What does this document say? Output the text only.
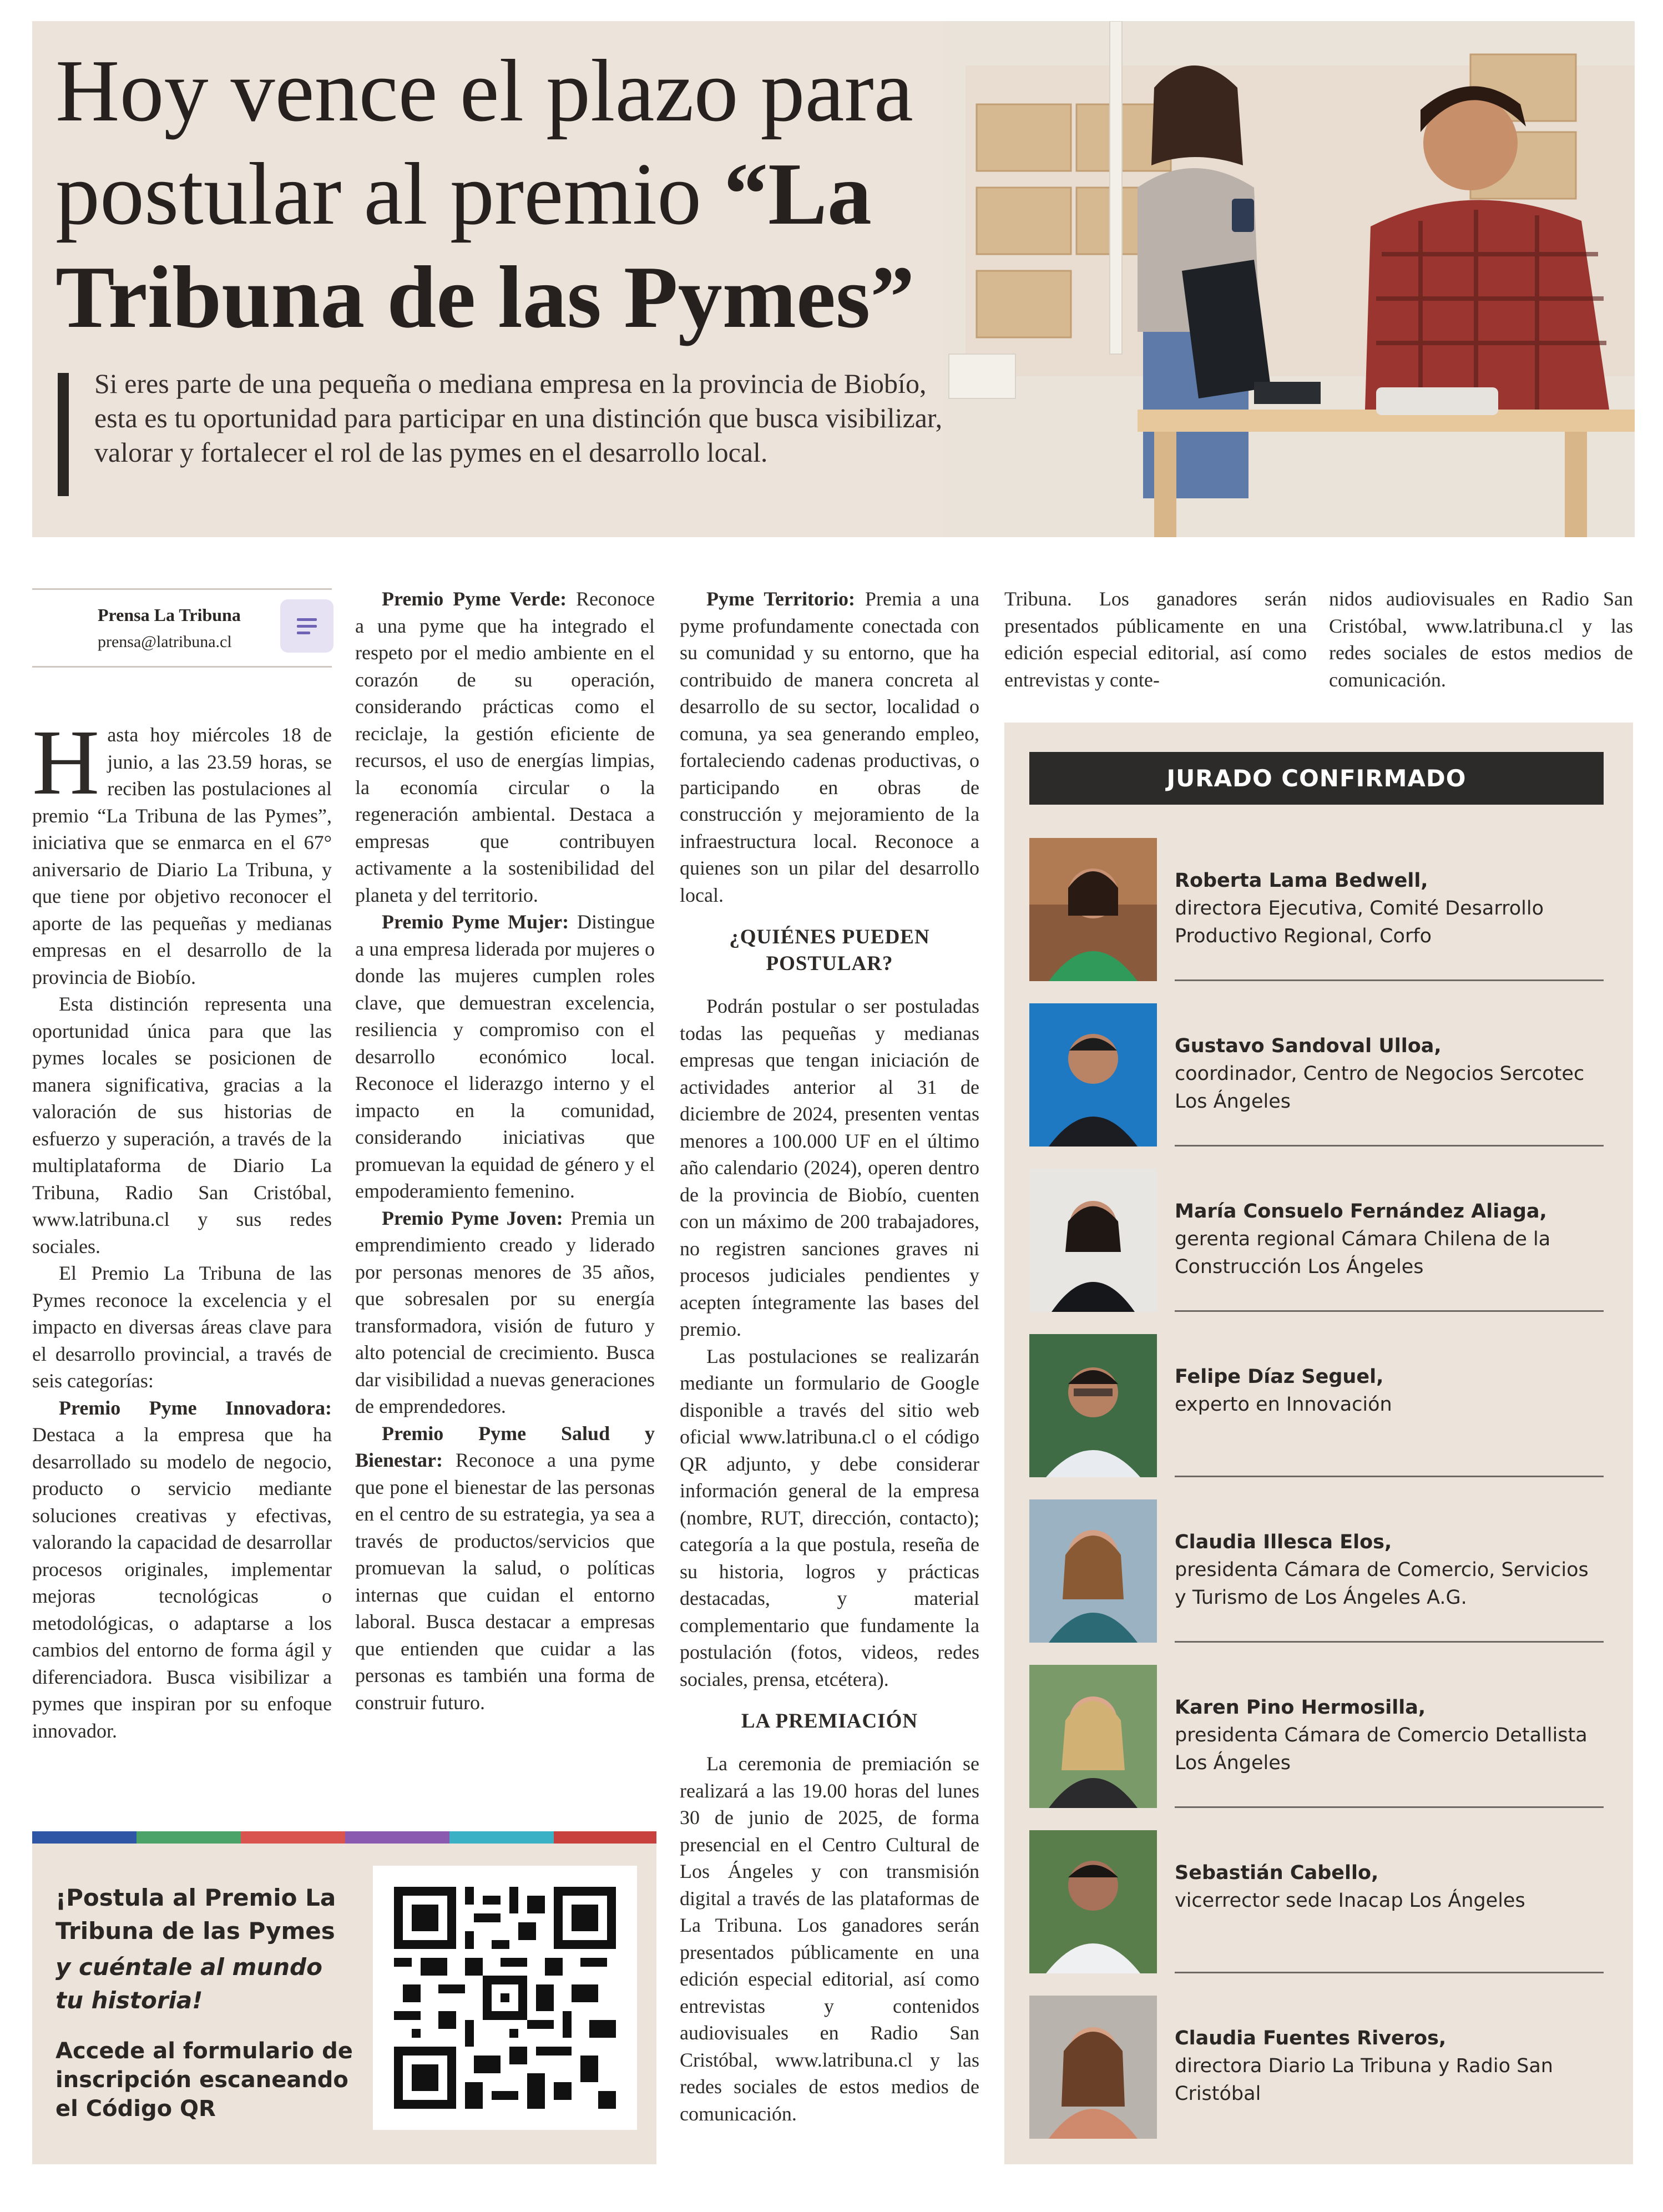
Hoy vence el plazo para
postular al premio “La
Tribuna de las Pymes”
Si eres parte de una pequeña o mediana empresa en la provincia de Biobío, esta es tu oportunidad para participar en una distinción que busca visibilizar, valorar y fortalecer el rol de las pymes en el desarrollo local.
Prensa La Tribuna
prensa@latribuna.cl

Hasta hoy miércoles 18 de junio, a las 23.59 horas, se reciben las postulaciones al premio “La Tribuna de las Pymes”, iniciativa que se enmarca en el 67° aniversario de Diario La Tribuna, y que tiene por objetivo reconocer el aporte de las pequeñas y medianas empresas en el desarrollo de la provincia de Biobío.

Esta distinción representa una oportunidad única para que las pymes locales se posicionen de manera significativa, gracias a la valoración de sus historias de esfuerzo y superación, a través de la multiplataforma de Diario La Tribuna, Radio San Cristóbal, www.latribuna.cl y sus redes sociales.

El Premio La Tribuna de las Pymes reconoce la excelencia y el impacto en diversas áreas clave para el desarrollo provincial, a través de seis categorías:

Premio Pyme Innovadora: Destaca a la empresa que ha desarrollado su modelo de negocio, producto o servicio mediante soluciones creativas y efectivas, valorando la capacidad de desarrollar procesos originales, implementar mejoras tecnológicas o metodológicas, o adaptarse a los cambios del entorno de forma ágil y diferenciadora. Busca visibilizar a pymes que inspiran por su enfoque innovador.

Premio Pyme Verde: Reconoce a una pyme que ha integrado el respeto por el medio ambiente en el corazón de su operación, considerando prácticas como el reciclaje, la gestión eficiente de recursos, el uso de energías limpias, la economía circular o la regeneración ambiental. Destaca a empresas que contribuyen activamente a la sostenibilidad del planeta y del territorio.

Premio Pyme Mujer: Distingue a una empresa liderada por mujeres o donde las mujeres cumplen roles clave, que demuestran excelencia, resiliencia y compromiso con el desarrollo económico local. Reconoce el liderazgo interno y el impacto en la comunidad, considerando iniciativas que promuevan la equidad de género y el empoderamiento femenino.

Premio Pyme Joven: Premia un emprendimiento creado y liderado por personas menores de 35 años, que sobresalen por su energía transformadora, visión de futuro y alto potencial de crecimiento. Busca dar visibilidad a nuevas generaciones de emprendedores.

Premio Pyme Salud y Bienestar: Reconoce a una pyme que pone el bienestar de las personas en el centro de su estrategia, ya sea a través de productos/servicios que promuevan la salud, o políticas internas que cuidan el entorno laboral. Busca destacar a empresas que entienden que cuidar a las personas es también una forma de construir futuro.

Pyme Territorio: Premia a una pyme profundamente conectada con su comunidad y su entorno, que ha contribuido de manera concreta al desarrollo de su sector, localidad o comuna, ya sea generando empleo, fortaleciendo cadenas productivas, o participando en obras de construcción y mejoramiento de la infraestructura local. Reconoce a quienes son un pilar del desarrollo local.

¿QUIÉNES PUEDEN POSTULAR?

Podrán postular o ser postuladas todas las pequeñas y medianas empresas que tengan iniciación de actividades anterior al 31 de diciembre de 2024, presenten ventas menores a 100.000 UF en el último año calendario (2024), operen dentro de la provincia de Biobío, cuenten con un máximo de 200 trabajadores, no registren sanciones graves ni procesos judiciales pendientes y acepten íntegramente las bases del premio.

Las postulaciones se realizarán mediante un formulario de Google disponible a través del sitio web oficial www.latribuna.cl o el código QR adjunto, y debe considerar información general de la empresa (nombre, RUT, dirección, contacto); categoría a la que postula, reseña de su historia, logros y prácticas destacadas, y material complementario que fundamente la postulación (fotos, videos, redes sociales, prensa, etcétera).

LA PREMIACIÓN

La ceremonia de premiación se realizará a las 19.00 horas del lunes 30 de junio de 2025, de forma presencial en el Centro Cultural de Los Ángeles y con transmisión digital a través de las plataformas de La Tribuna. Los ganadores serán presentados públicamente en una edición especial editorial, así como entrevistas y contenidos audiovisuales en Radio San Cristóbal, www.latribuna.cl y las redes sociales de estos medios de comunicación.

¡Postula al Premio La Tribuna de las Pymes
y cuéntale al mundo tu historia!
Accede al formulario de inscripción escaneando el Código QR

Tribuna. Los ganadores serán presentados públicamente en una edición especial editorial, así como entrevistas y conte-

nidos audiovisuales en Radio San Cristóbal, www.latribuna.cl y las redes sociales de estos medios de comunicación.

JURADO CONFIRMADO
Roberta Lama Bedwell,
directora Ejecutiva, Comité Desarrollo Productivo Regional, Corfo
Gustavo Sandoval Ulloa,
coordinador, Centro de Negocios Sercotec Los Ángeles
María Consuelo Fernández Aliaga,
gerenta regional Cámara Chilena de la Construcción Los Ángeles
Felipe Díaz Seguel,
experto en Innovación
Claudia Illesca Elos,
presidenta Cámara de Comercio, Servicios y Turismo de Los Ángeles A.G.
Karen Pino Hermosilla,
presidenta Cámara de Comercio Detallista Los Ángeles
Sebastián Cabello,
vicerrector sede Inacap Los Ángeles
Claudia Fuentes Riveros,
directora Diario La Tribuna y Radio San Cristóbal
